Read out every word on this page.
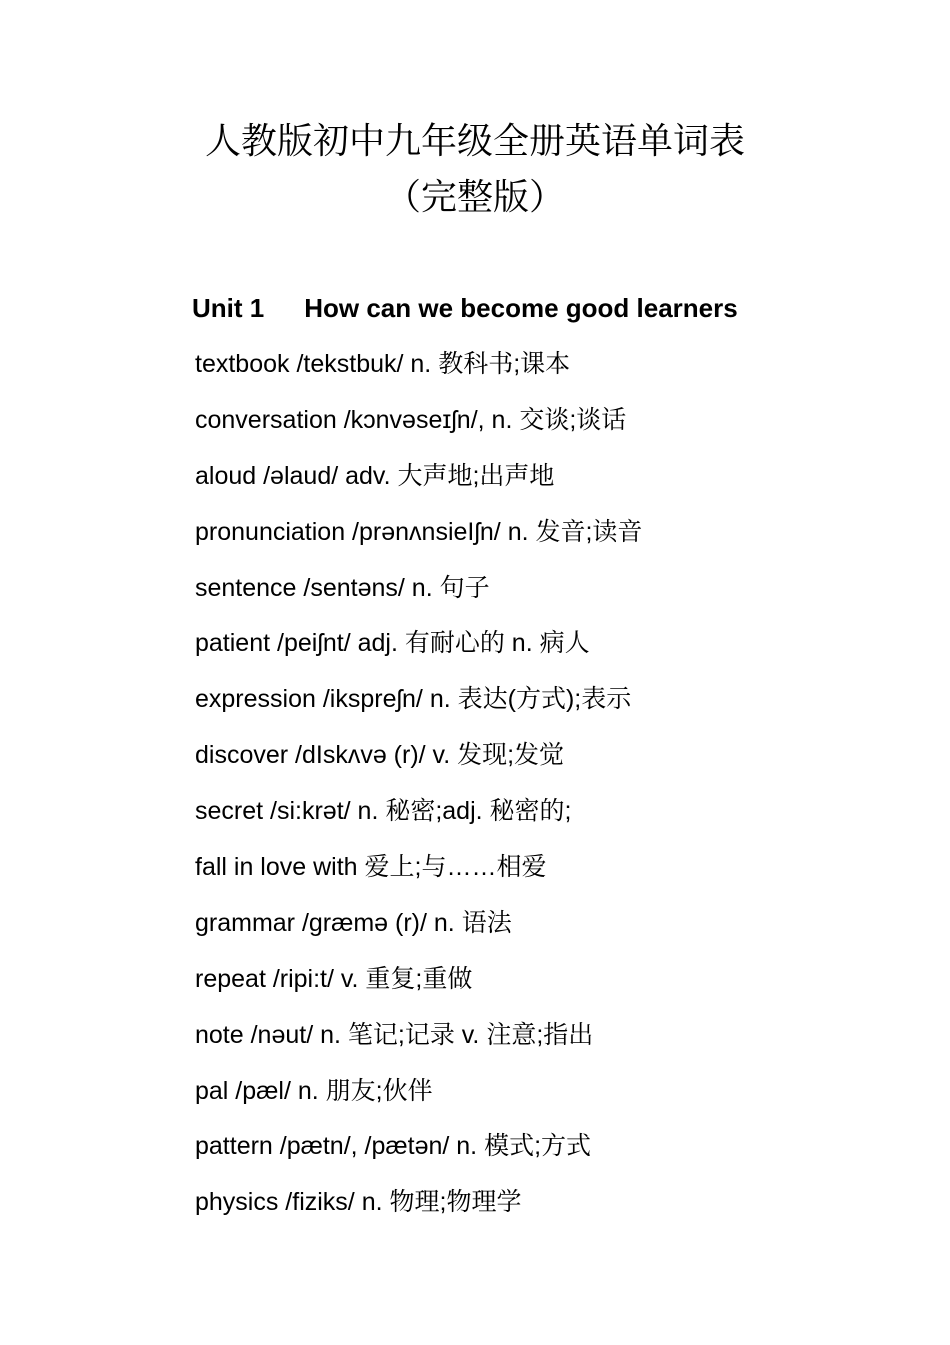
人教版初中九年级全册英语单词表
（完整版）
Unit 1 How can we become good learners
textbook /tekstbuk/ n. 教科书;课本
conversation /kɔnvəseɪʃn/, n. 交谈;谈话
aloud /əlaud/ adv. 大声地;出声地
pronunciation /prənʌnsieIʃn/ n. 发音;读音
sentence /sentəns/ n. 句子
patient /peiʃnt/ adj. 有耐心的 n. 病人
expression /ikspreʃn/ n. 表达(方式);表示
discover /dIskʌvə (r)/ v. 发现;发觉
secret /si:krət/ n. 秘密;adj. 秘密的;
fall in love with 爱上;与……相爱
grammar /græmə (r)/ n. 语法
repeat /ripi:t/ v. 重复;重做
note /nəut/ n. 笔记;记录 v. 注意;指出
pal /pæl/ n. 朋友;伙伴
pattern /pætn/, /pætən/ n. 模式;方式
physics /fiziks/ n. 物理;物理学
